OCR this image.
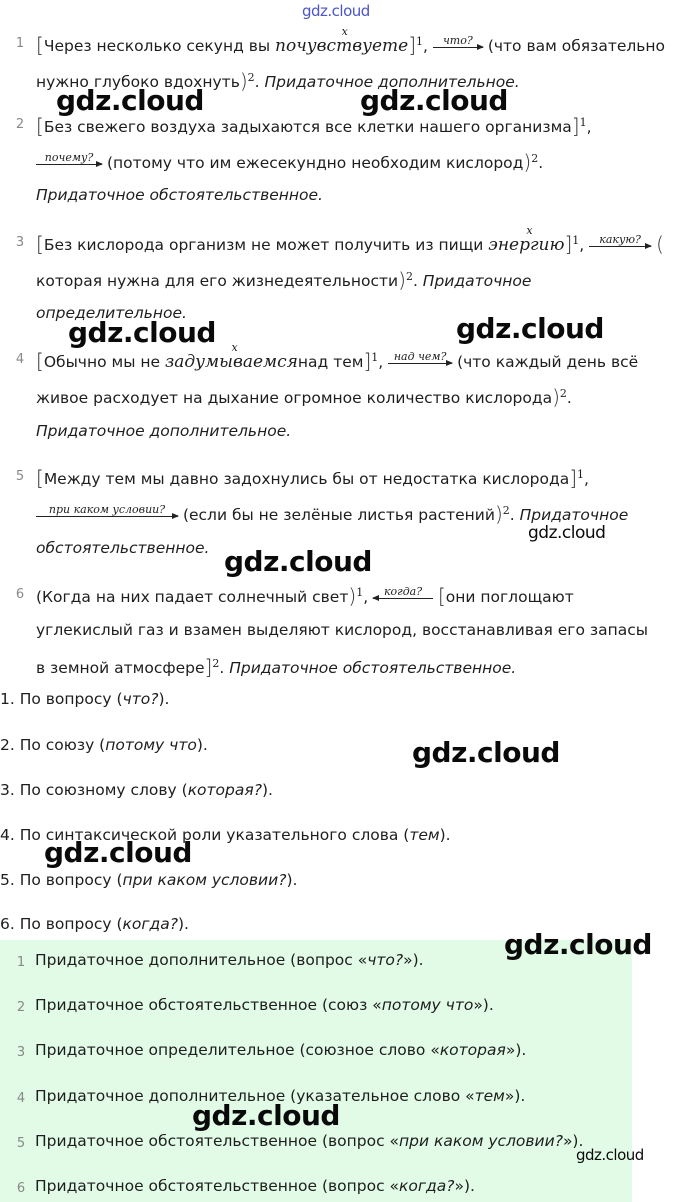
gdz.cloud
gdz.cloud	gdz.cloud
gdz.cloud	gdz.cloud
gdz.cloud
gdz.cloud
gdz.cloud
gdz.cloud
1 [Через несколько секунд вы
x
почувствуете]$^1$, что? (что вам обязательно
нужно глубоко вдохнуть)$^2$. Придаточное дополнительное.
2 [Без свежего воздуха задыхаются все клетки нашего организма]$^1$,
почему? (потому что им ежесекундно необходим кислород)$^2$.
Придаточное обстоятельственное.
3 [Без кислорода организм не может получить из пищи
x
энергию]$^1$, какую? (
которая нужна для его жизнедеятельности)$^2$. Придаточное
определительное.
4 [Обычно мы не
x
задумываемсянад тем]$^1$, над чем? (что каждый день всё
живое расходует на дыхание огромное количество кислорода)$^2$.
Придаточное дополнительное.
5 [Между тем мы давно задохнулись бы от недостатка кислорода]$^1$,
при каком условии?	(если бы не зелёные листья растений)$^2$. Придаточное
обстоятельственное.
6 (Когда на них падает солнечный свет)$^1$, когда? [они поглощают
углекислый газ и взамен выделяют кислород, восстанавливая его запасы
в земной атмосфере]$^2$. Придаточное обстоятельственное.
1. По вопросу (что?).
2. По союзу (потому что).
3. По союзному слову (которая?).
4. По синтаксической роли указательного слова (тем).
5. По вопросу (при каком условии?).
6. По вопросу (когда?).
1 Придаточное дополнительное (вопрос «что?»).
2 Придаточное обстоятельственное (союз «потому что»).
3 Придаточное определительное (союзное слово «которая»).
4 Придаточное дополнительное (указательное слово «тем»).
5 Придаточное обстоятельственное (вопрос «при каком условии?»).
6 Придаточное обстоятельственное (вопрос «когда?»).
gdz.cloud
gdz.cloud
gdz.cloud
